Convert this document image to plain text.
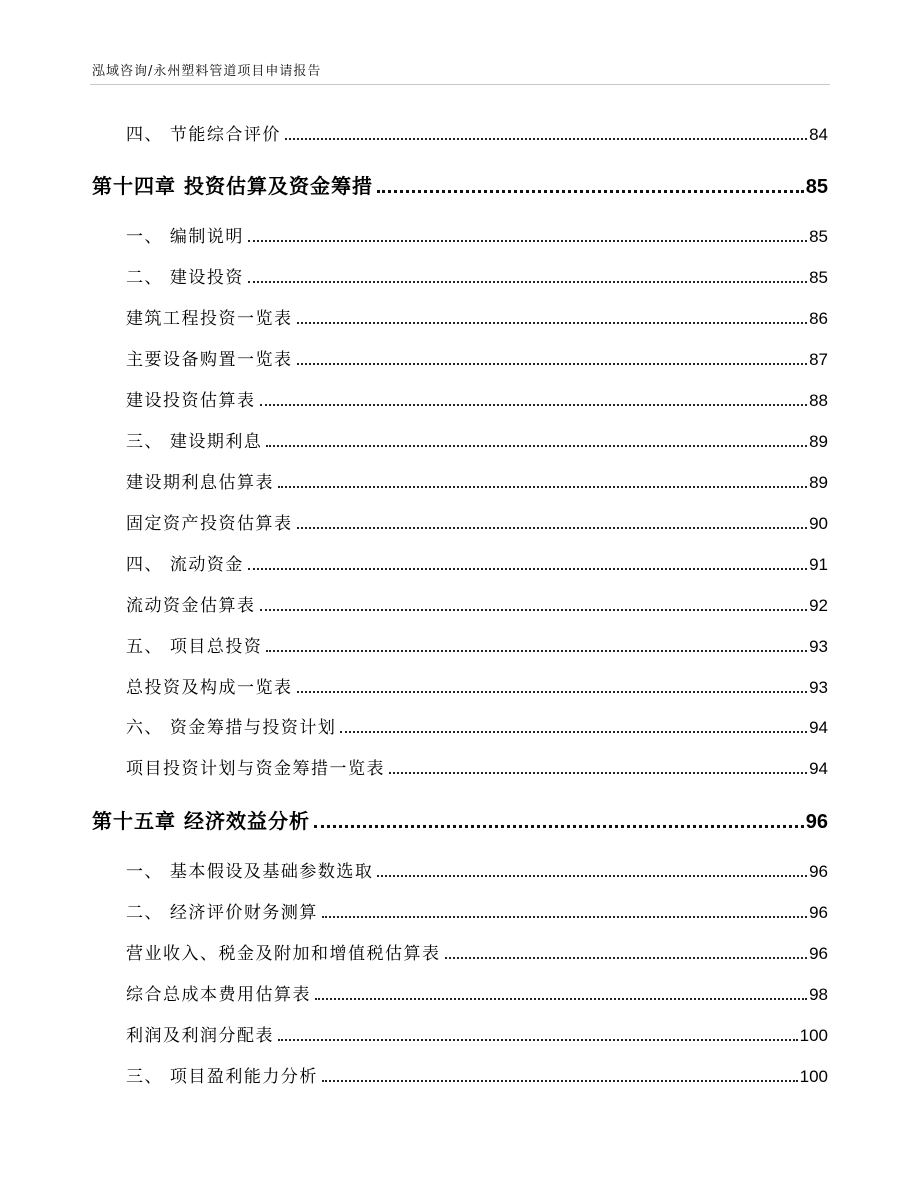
泓域咨询/永州塑料管道项目申请报告
四、 节能综合评价	84
第十四章 投资估算及资金筹措	85
一、 编制说明	85
二、 建设投资	85
建筑工程投资一览表	86
主要设备购置一览表	87
建设投资估算表	88
三、 建设期利息	89
建设期利息估算表	89
固定资产投资估算表	90
四、 流动资金	91
流动资金估算表	92
五、 项目总投资	93
总投资及构成一览表	93
六、 资金筹措与投资计划	94
项目投资计划与资金筹措一览表	94
第十五章 经济效益分析	96
一、 基本假设及基础参数选取	96
二、 经济评价财务测算	96
营业收入、税金及附加和增值税估算表	96
综合总成本费用估算表	98
利润及利润分配表	100
三、 项目盈利能力分析	100
